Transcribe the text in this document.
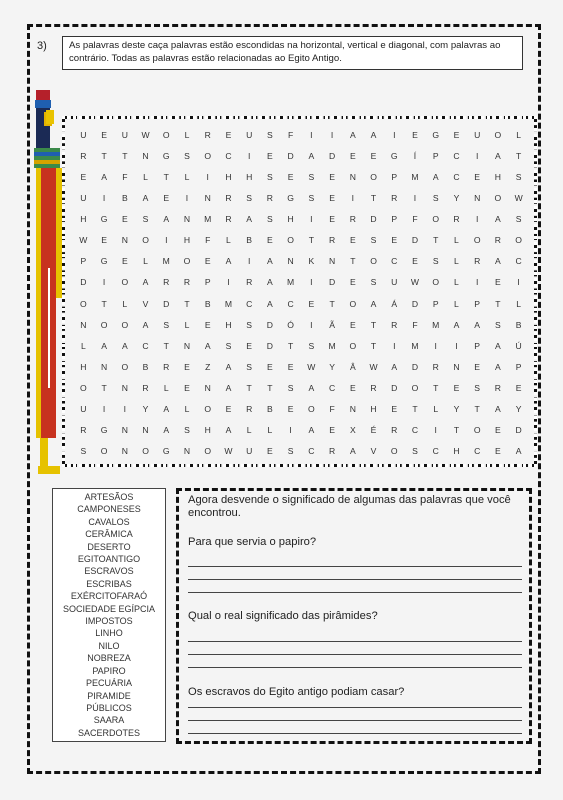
3)	As palavras deste caça palavras estão escondidas na horizontal, vertical e diagonal, com palavras ao contrário. Todas as palavras estão relacionadas ao Egito Antigo.
U	E	U	W	O	L	R	E	U	S	F	I	I	A	A	I	E	G	E	U	O	L
R	T	T	N	G	S	O	C	I	E	D	A	D	E	E	G	Í	P	C	I	A	T
E	A	F	L	T	L	I	H	H	S	E	S	E	N	O	P	M	A	C	E	H	S
U	I	B	A	E	I	N	R	S	R	G	S	E	I	T	R	I	S	Y	N	O	W
H	G	E	S	A	N	M	R	A	S	H	I	E	R	D	P	F	O	R	I	A	S
W	E	N	O	I	H	F	L	B	E	O	T	R	E	S	E	D	T	L	O	R	O
P	G	E	L	M	O	E	A	I	A	N	K	N	T	O	C	E	S	L	R	A	C
D	I	O	A	R	R	P	I	R	A	M	I	D	E	S	U	W	O	L	I	E	I
O	T	L	V	D	T	B	M	C	A	C	E	T	O	A	Á	D	P	L	P	T	L
N	O	O	A	S	L	E	H	S	D	Ó	I	Ã	E	T	R	F	M	A	A	S	B
L	A	A	C	T	N	A	S	E	D	T	S	M	O	T	I	M	I	I	P	A	Ú
H	N	O	B	R	E	Z	A	S	E	E	W	Y	Â	W	A	D	R	N	E	A	P
O	T	N	R	L	E	N	A	T	T	S	A	C	E	R	D	O	T	E	S	R	E
U	I	I	Y	A	L	O	E	R	B	E	O	F	N	H	E	T	L	Y	T	A	Y
R	G	N	N	A	S	H	A	L	L	I	A	E	X	É	R	C	I	T	O	E	D
S	O	N	O	G	N	O	W	U	E	S	C	R	A	V	O	S	C	H	C	E	A
ARTESÃOS
CAMPONESES
CAVALOS
CERÂMICA
DESERTO
EGITOANTIGO
ESCRAVOS
ESCRIBAS
EXÉRCITOFARAÓ
SOCIEDADE EGÍPCIA
IMPOSTOS
LINHO
NILO
NOBREZA
PAPIRO
PECUÁRIA
PIRAMIDE
PÚBLICOS
SAARA
SACERDOTES
Agora desvende o significado de algumas das palavras que você encontrou.
Para que servia o papiro?
Qual o real significado das pirâmides?
Os escravos do Egito antigo podiam casar?
